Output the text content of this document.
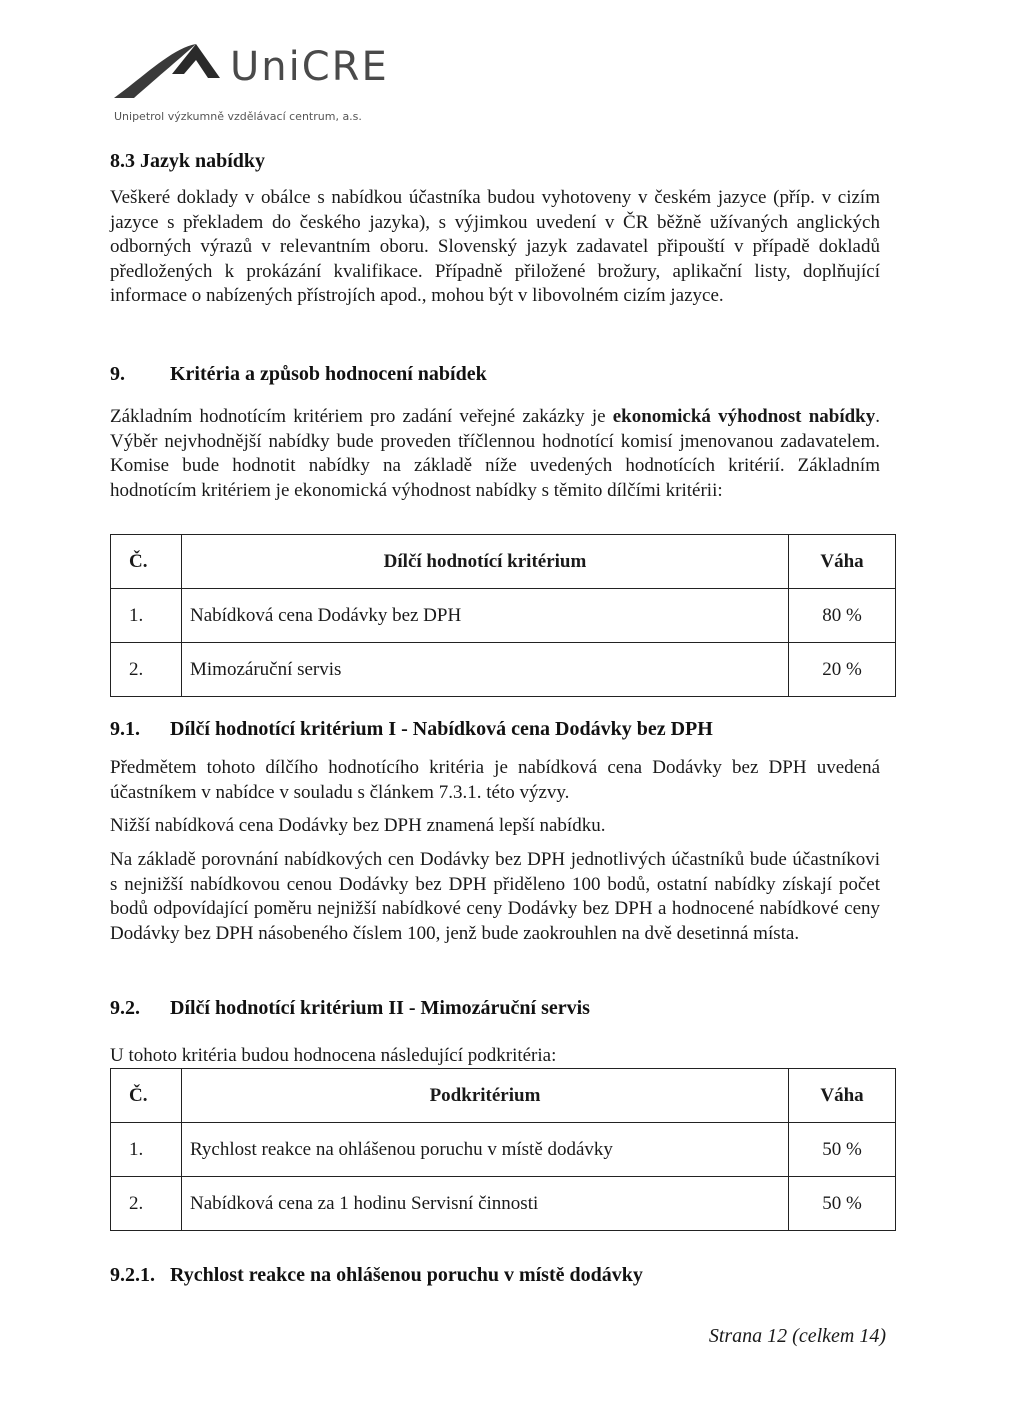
UniCRE
Unipetrol výzkumně vzdělávací centrum, a.s.
8.3 Jazyk nabídky
Veškeré doklady v obálce s nabídkou účastníka budou vyhotoveny v českém jazyce (příp. v cizím jazyce s překladem do českého jazyka), s výjimkou uvedení v ČR běžně užívaných anglických odborných výrazů v relevantním oboru. Slovenský jazyk zadavatel připouští v případě dokladů předložených k prokázání kvalifikace. Případně přiložené brožury, aplikační listy, doplňující informace o nabízených přístrojích apod., mohou být v libovolném cizím jazyce.
9. Kritéria a způsob hodnocení nabídek
Základním hodnotícím kritériem pro zadání veřejné zakázky je ekonomická výhodnost nabídky. Výběr nejvhodnější nabídky bude proveden tříčlennou hodnotící komisí jmenovanou zadavatelem. Komise bude hodnotit nabídky na základě níže uvedených hodnotících kritérií. Základním hodnotícím kritériem je ekonomická výhodnost nabídky s těmito dílčími kritérii:
Č.	Dílčí hodnotící kritérium	Váha
1.	Nabídková cena Dodávky bez DPH	80 %
2.	Mimozáruční servis	20 %
9.1. Dílčí hodnotící kritérium I - Nabídková cena Dodávky bez DPH
Předmětem tohoto dílčího hodnotícího kritéria je nabídková cena Dodávky bez DPH uvedená účastníkem v nabídce v souladu s článkem 7.3.1. této výzvy.
Nižší nabídková cena Dodávky bez DPH znamená lepší nabídku.
Na základě porovnání nabídkových cen Dodávky bez DPH jednotlivých účastníků bude účastníkovi s nejnižší nabídkovou cenou Dodávky bez DPH přiděleno 100 bodů, ostatní nabídky získají počet bodů odpovídající poměru nejnižší nabídkové ceny Dodávky bez DPH a hodnocené nabídkové ceny Dodávky bez DPH násobeného číslem 100, jenž bude zaokrouhlen na dvě desetinná místa.
9.2. Dílčí hodnotící kritérium II - Mimozáruční servis
U tohoto kritéria budou hodnocena následující podkritéria:
Č.	Podkritérium	Váha
1.	Rychlost reakce na ohlášenou poruchu v místě dodávky	50 %
2.	Nabídková cena za 1 hodinu Servisní činnosti	50 %
9.2.1. Rychlost reakce na ohlášenou poruchu v místě dodávky
Strana 12 (celkem 14)
